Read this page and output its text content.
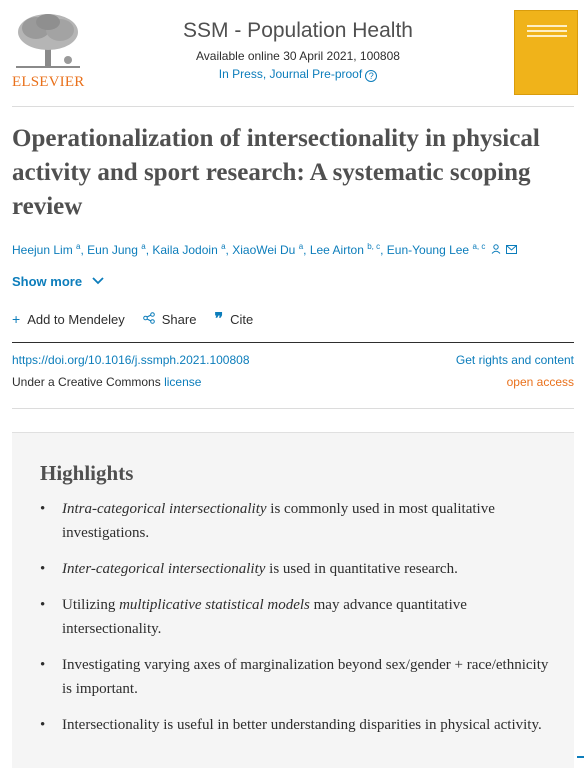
ELSEVIER
SSM - Population Health
Available online 30 April 2021, 100808
In Press, Journal Pre-proof ?
Operationalization of intersectionality in physical activity and sport research: A systematic scoping review
Heejun Lim $^a$, Eun Jung $^a$, Kaila Jodoin $^a$, XiaoWei Du $^a$, Lee Airton $^{b, c}$, Eun-Young Lee $^{a, c}$
Show more
+ Add to Mendeley	Share ❞ Cite
https://doi.org/10.1016/j.ssmph.2021.100808	Get rights and content
Under a Creative Commons license	open access
Highlights
• Intra-categorical intersectionality is commonly used in most qualitative investigations.
• Inter-categorical intersectionality is used in quantitative research.
• Utilizing multiplicative statistical models may advance quantitative intersectionality.
• Investigating varying axes of marginalization beyond sex/gender + race/ethnicity is important.
• Intersectionality is useful in better understanding disparities in physical activity.
